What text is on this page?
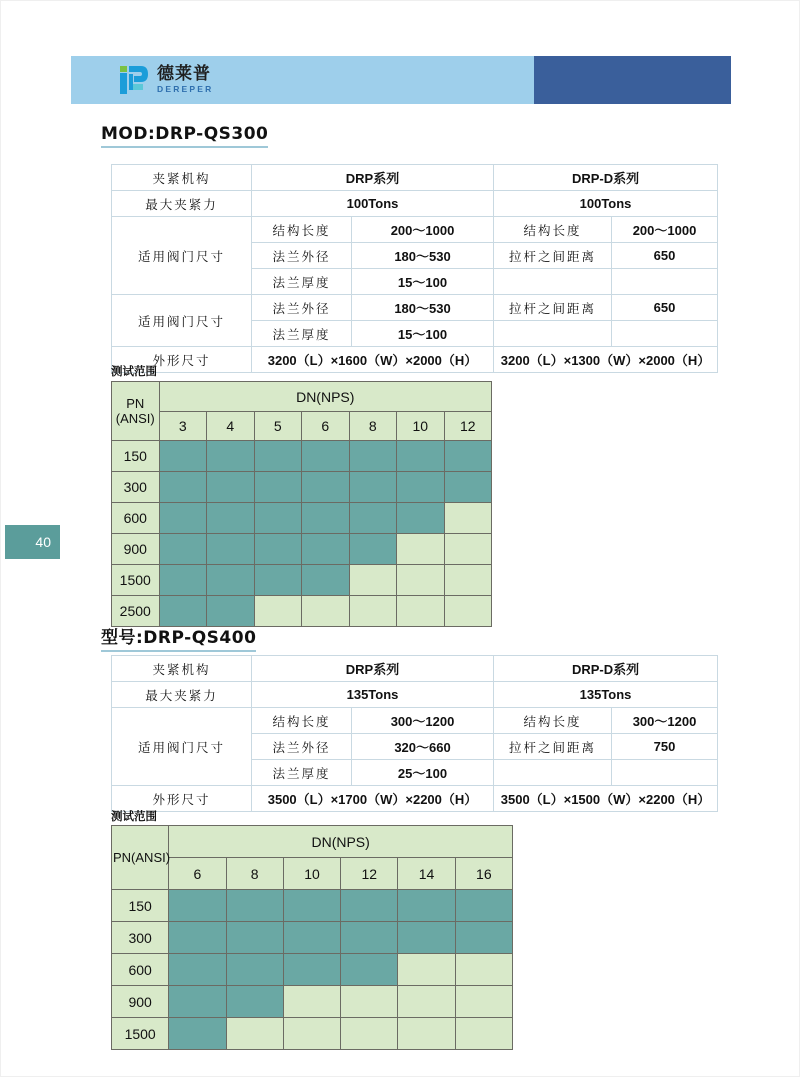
德莱普
DEREPER
40
MOD:DRP-QS300
夹紧机构	DRP系列		DRP-D系列	
最大夹紧力	100Tons		100Tons	
适用阀门尺寸	结构长度	200～1000	结构长度	200～1000
	法兰外径	180～530	拉杆之间距离	650
	法兰厚度	15～100		
适用阀门尺寸	法兰外径	180～530	拉杆之间距离	650
	法兰厚度	15～100		
外形尺寸	3200（L）×1600（W）×2000（H）		3200（L）×1300（W）×2000（H）	
测试范围
PN (ANSI)	DN(NPS)						
	3	4	5	6	8	10	12
150							
300							
600							
900							
1500							
2500							
型号:DRP-QS400
夹紧机构	DRP系列		DRP-D系列	
最大夹紧力	135Tons		135Tons	
适用阀门尺寸	结构长度	300～1200	结构长度	300～1200
	法兰外径	320～660	拉杆之间距离	750
	法兰厚度	25～100		
外形尺寸	3500（L）×1700（W）×2200（H）		3500（L）×1500（W）×2200（H）	
测试范围
PN(ANSI)	DN(NPS)					
	6	8	10	12	14	16
150						
300						
600						
900						
1500						
